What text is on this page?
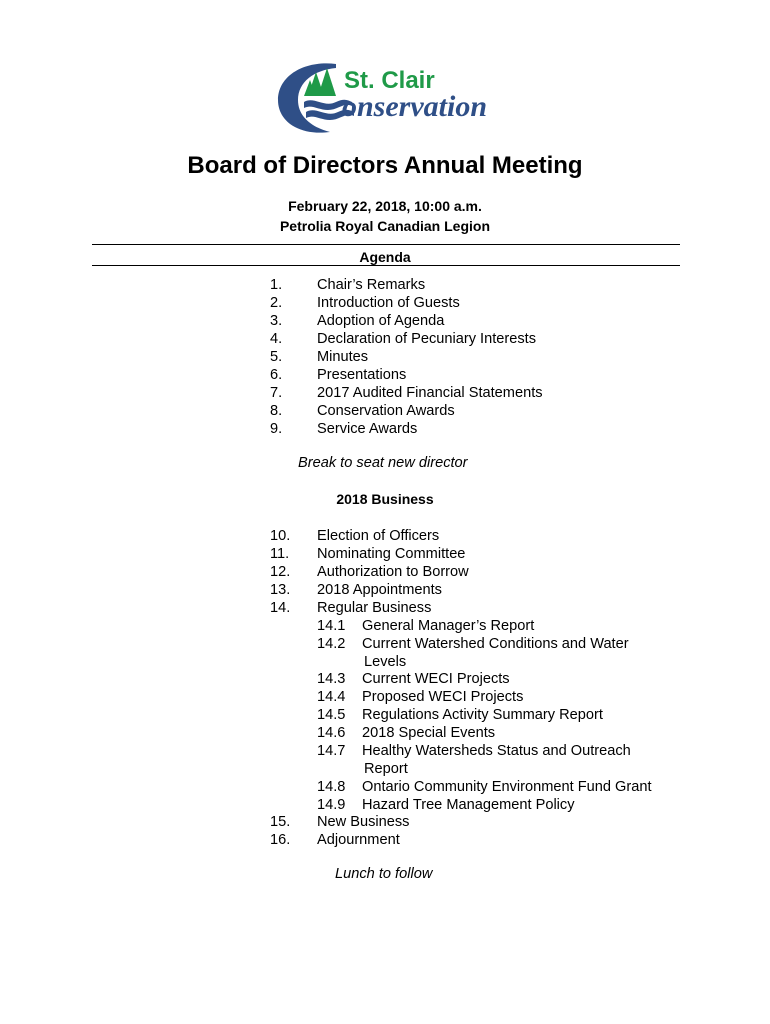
St. Clair
onservation
Board of Directors Annual Meeting
February 22, 2018, 10:00 a.m.
Petrolia Royal Canadian Legion
Agenda
1. Chair’s Remarks
2. Introduction of Guests
3. Adoption of Agenda
4. Declaration of Pecuniary Interests
5. Minutes
6. Presentations
7. 2017 Audited Financial Statements
8. Conservation Awards
9. Service Awards
Break to seat new director
2018 Business
10. Election of Officers
11. Nominating Committee
12. Authorization to Borrow
13. 2018 Appointments
14. Regular Business
14.1 General Manager’s Report
14.2 Current Watershed Conditions and Water
Levels
14.3 Current WECI Projects
14.4 Proposed WECI Projects
14.5 Regulations Activity Summary Report
14.6 2018 Special Events
14.7 Healthy Watersheds Status and Outreach
Report
14.8 Ontario Community Environment Fund Grant
14.9 Hazard Tree Management Policy
15. New Business
16. Adjournment
Lunch to follow
